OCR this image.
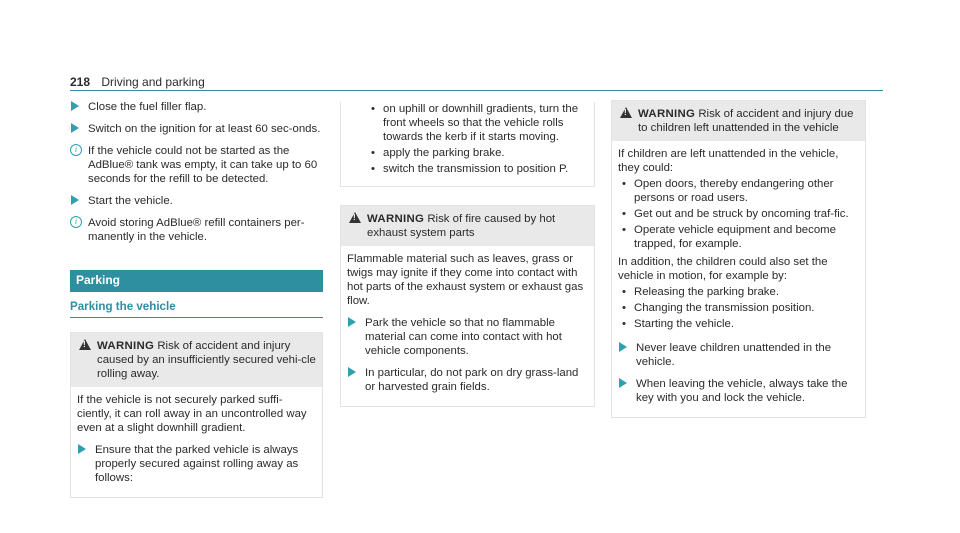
218 Driving and parking
Close the fuel filler flap.
Switch on the ignition for at least 60 sec-onds.
i If the vehicle could not be started as the AdBlue® tank was empty, it can take up to 60 seconds for the refill to be detected.
Start the vehicle.
i Avoid storing AdBlue® refill containers per-manently in the vehicle.
Parking
Parking the vehicle
!
WARNING Risk of accident and injury caused by an insufficiently secured vehi-cle rolling away.
If the vehicle is not securely parked suffi-ciently, it can roll away in an uncontrolled way even at a slight downhill gradient.
Ensure that the parked vehicle is always properly secured against rolling away as follows:
• on uphill or downhill gradients, turn the front wheels so that the vehicle rolls towards the kerb if it starts moving.
• apply the parking brake.
• switch the transmission to position P.
!
WARNING Risk of fire caused by hot exhaust system parts
Flammable material such as leaves, grass or twigs may ignite if they come into contact with hot parts of the exhaust system or exhaust gas flow.
Park the vehicle so that no flammable material can come into contact with hot vehicle components.
In particular, do not park on dry grass-land or harvested grain fields.
!
WARNING Risk of accident and injury due to children left unattended in the vehicle
If children are left unattended in the vehicle, they could:
• Open doors, thereby endangering other persons or road users.
• Get out and be struck by oncoming traf-fic.
• Operate vehicle equipment and become trapped, for example.
In addition, the children could also set the vehicle in motion, for example by:
• Releasing the parking brake.
• Changing the transmission position.
• Starting the vehicle.
Never leave children unattended in the vehicle.
When leaving the vehicle, always take the key with you and lock the vehicle.
